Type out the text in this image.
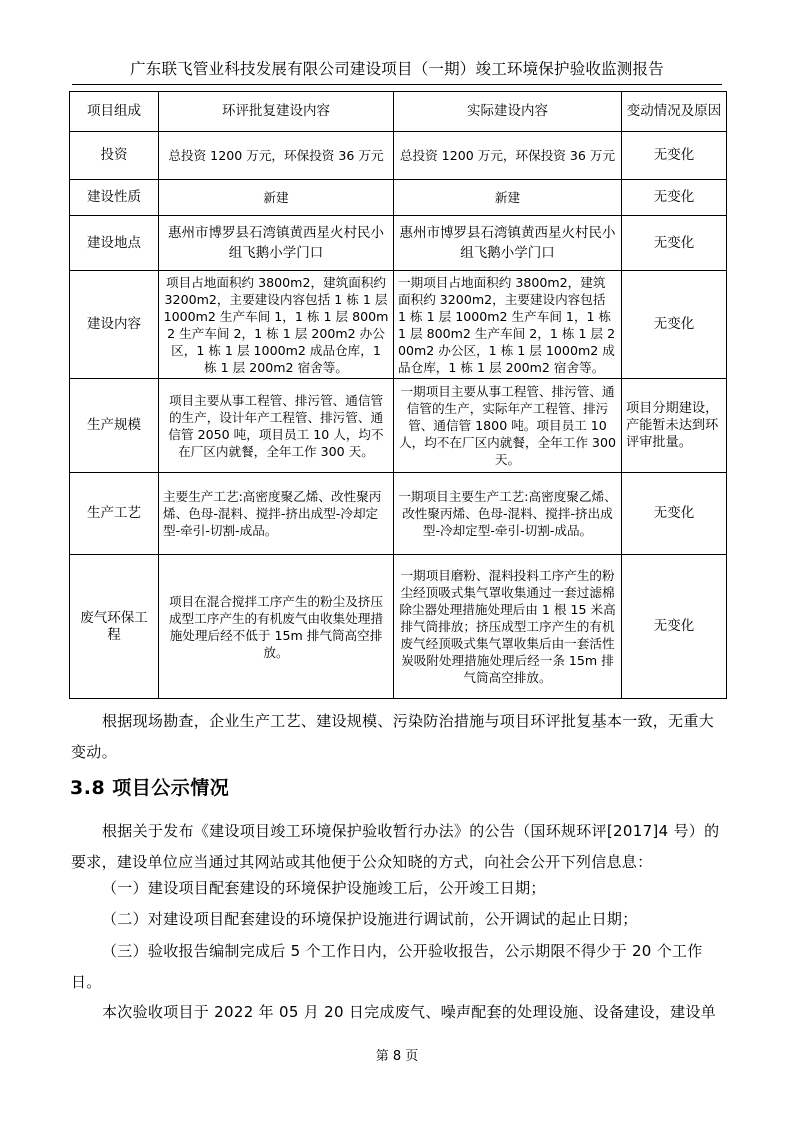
广东联飞管业科技发展有限公司建设项目（一期）竣工环境保护验收监测报告
项目组成	环评批复建设内容	实际建设内容	变动情况及原因
投资	总投资 1200 万元，环保投资 36 万元	总投资 1200 万元，环保投资 36 万元	无变化
建设性质	新建	新建	无变化
建设地点	惠州市博罗县石湾镇黄西星火村民小组飞鹅小学门口	惠州市博罗县石湾镇黄西星火村民小组飞鹅小学门口	无变化
建设内容	项目占地面积约 3800m2，建筑面积约 3200m2，主要建设内容包括 1 栋 1 层 1000m2 生产车间 1，1 栋 1 层 800m2 生产车间 2，1 栋 1 层 200m2 办公区，1 栋 1 层 1000m2 成品仓库，1 栋 1 层 200m2 宿舍等。	一期项目占地面积约 3800m2，建筑面积约 3200m2，主要建设内容包括 1 栋 1 层 1000m2 生产车间 1，1 栋 1 层 800m2 生产车间 2，1 栋 1 层 200m2 办公区，1 栋 1 层 1000m2 成品仓库，1 栋 1 层 200m2 宿舍等。	无变化
生产规模	项目主要从事工程管、排污管、通信管的生产，设计年产工程管、排污管、通信管 2050 吨，项目员工 10 人，均不在厂区内就餐，全年工作 300 天。	一期项目主要从事工程管、排污管、通信管的生产，实际年产工程管、排污管、通信管 1800 吨。项目员工 10 人，均不在厂区内就餐，全年工作 300 天。	项目分期建设，产能暂未达到环评审批量。
生产工艺	主要生产工艺:高密度聚乙烯、改性聚丙烯、色母-混料、搅拌-挤出成型-冷却定型-牵引-切割-成品。	一期项目主要生产工艺:高密度聚乙烯、改性聚丙烯、色母-混料、搅拌-挤出成型-冷却定型-牵引-切割-成品。	无变化
废气环保工程	项目在混合搅拌工序产生的粉尘及挤压成型工序产生的有机废气由收集处理措施处理后经不低于 15m 排气筒高空排放。	一期项目磨粉、混料投料工序产生的粉尘经顶吸式集气罩收集通过一套过滤棉除尘器处理措施处理后由 1 根 15 米高排气筒排放；挤压成型工序产生的有机废气经顶吸式集气罩收集后由一套活性炭吸附处理措施处理后经一条 15m 排气筒高空排放。	无变化
根据现场勘查，企业生产工艺、建设规模、污染防治措施与项目环评批复基本一致，无重大变动。
3.8 项目公示情况
根据关于发布《建设项目竣工环境保护验收暂行办法》的公告（国环规环评[2017]4 号）的要求，建设单位应当通过其网站或其他便于公众知晓的方式，向社会公开下列信息息：
（一）建设项目配套建设的环境保护设施竣工后，公开竣工日期；
（二）对建设项目配套建设的环境保护设施进行调试前，公开调试的起止日期；
（三）验收报告编制完成后 5 个工作日内，公开验收报告，公示期限不得少于 20 个工作日。
本次验收项目于 2022 年 05 月 20 日完成废气、噪声配套的处理设施、设备建设，建设单
第 8 页
